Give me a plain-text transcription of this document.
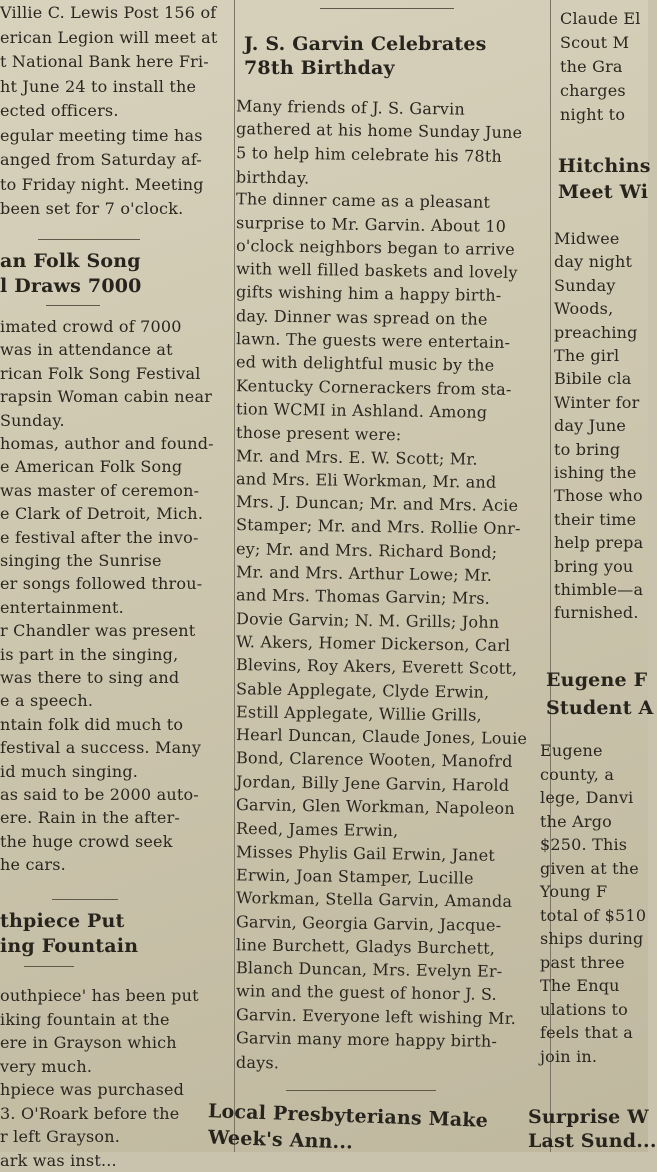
Villie C. Lewis Post 156 of
erican Legion will meet at
t National Bank here Fri-
ht June 24 to install the
ected officers.
egular meeting time has
anged from Saturday af-
to Friday night. Meeting
been set for 7 o'clock.
an Folk Song
l Draws 7000
imated crowd of 7000
was in attendance at
rican Folk Song Festival
rapsin Woman cabin near
Sunday.
homas, author and found-
e American Folk Song
was master of ceremon-
e Clark of Detroit, Mich.
e festival after the invo-
singing the Sunrise
er songs followed throu-
entertainment.
r Chandler was present
is part in the singing,
was there to sing and
e a speech.
ntain folk did much to
festival a success. Many
id much singing.
as said to be 2000 auto-
ere. Rain in the after-
the huge crowd seek
he cars.
thpiece Put
ing Fountain
outhpiece' has been put
iking fountain at the
ere in Grayson which
very much.
hpiece was purchased
3. O'Roark before the
r left Grayson.
ark was inst...
J. S. Garvin Celebrates
78th Birthday
Many friends of J. S. Garvin
gathered at his home Sunday June
5 to help him celebrate his 78th
birthday.
The dinner came as a pleasant
surprise to Mr. Garvin. About 10
o'clock neighbors began to arrive
with well filled baskets and lovely
gifts wishing him a happy birth-
day. Dinner was spread on the
lawn. The guests were entertain-
ed with delightful music by the
Kentucky Cornerackers from sta-
tion WCMI in Ashland. Among
those present were:
Mr. and Mrs. E. W. Scott; Mr.
and Mrs. Eli Workman, Mr. and
Mrs. J. Duncan; Mr. and Mrs. Acie
Stamper; Mr. and Mrs. Rollie Onr-
ey; Mr. and Mrs. Richard Bond;
Mr. and Mrs. Arthur Lowe; Mr.
and Mrs. Thomas Garvin; Mrs.
Dovie Garvin; N. M. Grills; John
W. Akers, Homer Dickerson, Carl
Blevins, Roy Akers, Everett Scott,
Sable Applegate, Clyde Erwin,
Estill Applegate, Willie Grills,
Hearl Duncan, Claude Jones, Louie
Bond, Clarence Wooten, Manofrd
Jordan, Billy Jene Garvin, Harold
Garvin, Glen Workman, Napoleon
Reed, James Erwin,
Misses Phylis Gail Erwin, Janet
Erwin, Joan Stamper, Lucille
Workman, Stella Garvin, Amanda
Garvin, Georgia Garvin, Jacque-
line Burchett, Gladys Burchett,
Blanch Duncan, Mrs. Evelyn Er-
win and the guest of honor J. S.
Garvin. Everyone left wishing Mr.
Garvin many more happy birth-
days.
Local Presbyterians Make
Week's Ann...
Claude El
Scout M
the Gra
charges
night to
Hitchins
Meet Wi
Midwee
day night
Sunday
Woods,
preaching
The girl
Bibile cla
Winter for
day June
to bring
ishing the
Those who
their time
help prepa
bring you
thimble—a
furnished.
Eugene F
Student A
Eugene
county, a
lege, Danvi
the Argo
$250. This
given at the
Young F
total of $510
ships during
past three
The Enqu
ulations to
feels that a
join in.
Surprise W
Last Sund...
